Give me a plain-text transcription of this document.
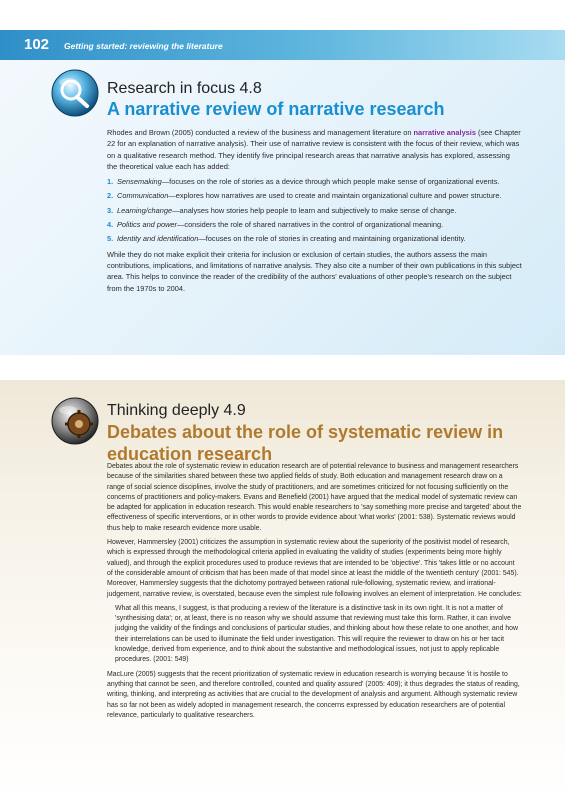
102 Getting started: reviewing the literature
Research in focus 4.8
A narrative review of narrative research

Rhodes and Brown (2005) conducted a review of the business and management literature on narrative analysis (see Chapter 22 for an explanation of narrative analysis). Their use of narrative review is consistent with the focus of their review, which was on a qualitative research method. They identify five principal research areas that narrative analysis has explored, assessing the theoretical value each has added:

1. Sensemaking—focuses on the role of stories as a device through which people make sense of organizational events.
2. Communication—explores how narratives are used to create and maintain organizational culture and power structure.
3. Learning/change—analyses how stories help people to learn and subjectively to make sense of change.
4. Politics and power—considers the role of shared narratives in the control of organizational meaning.
5. Identity and identification—focuses on the role of stories in creating and maintaining organizational identity.

While they do not make explicit their criteria for inclusion or exclusion of certain studies, the authors assess the main contributions, implications, and limitations of narrative analysis. They also cite a number of their own publications in this subject area. This helps to convince the reader of the credibility of the authors' evaluations of other people's research on the subject from the 1970s to 2004.

Thinking deeply 4.9
Debates about the role of systematic review in education research

Debates about the role of systematic review in education research are of potential relevance to business and management researchers because of the similarities shared between these two applied fields of study. Both education and management research draw on a range of social science disciplines, involve the study of practitioners, and are sometimes criticized for not focusing sufficiently on the concerns of practitioners and policy-makers. Evans and Benefield (2001) have argued that the medical model of systematic review can be adapted for application in education research. This would enable researchers to 'say something more precise and targeted' about the effectiveness of specific interventions, or in other words to provide evidence about 'what works' (2001: 538). Systematic reviews would thus help to make research evidence more usable.

However, Hammersley (2001) criticizes the assumption in systematic review about the superiority of the positivist model of research, which is expressed through the methodological criteria applied in evaluating the validity of studies (experiments being more highly valued), and through the explicit procedures used to produce reviews that are intended to be 'objective'. This 'takes little or no account of the considerable amount of criticism that has been made of that model since at least the middle of the twentieth century' (2001: 545). Moreover, Hammersley suggests that the dichotomy portrayed between rational rule-following, systematic review, and irrational-judgement, narrative review, is overstated, because even the simplest rule following involves an element of interpretation. He concludes:

What all this means, I suggest, is that producing a review of the literature is a distinctive task in its own right. It is not a matter of 'synthesising data'; or, at least, there is no reason why we should assume that reviewing must take this form. Rather, it can involve judging the validity of the findings and conclusions of particular studies, and thinking about how these relate to one another, and how their interrelations can be used to illuminate the field under investigation. This will require the reviewer to draw on his or her tacit knowledge, derived from experience, and to think about the substantive and methodological issues, not just to apply replicable procedures. (2001: 549)

MacLure (2005) suggests that the recent prioritization of systematic review in education research is worrying because 'it is hostile to anything that cannot be seen, and therefore controlled, counted and quality assured' (2005: 409); it thus degrades the status of reading, writing, thinking, and interpreting as activities that are crucial to the development of analysis and argument. Although systematic review has so far not been as widely adopted in management research, the concerns expressed by education researchers are of potential relevance, particularly to qualitative researchers.
